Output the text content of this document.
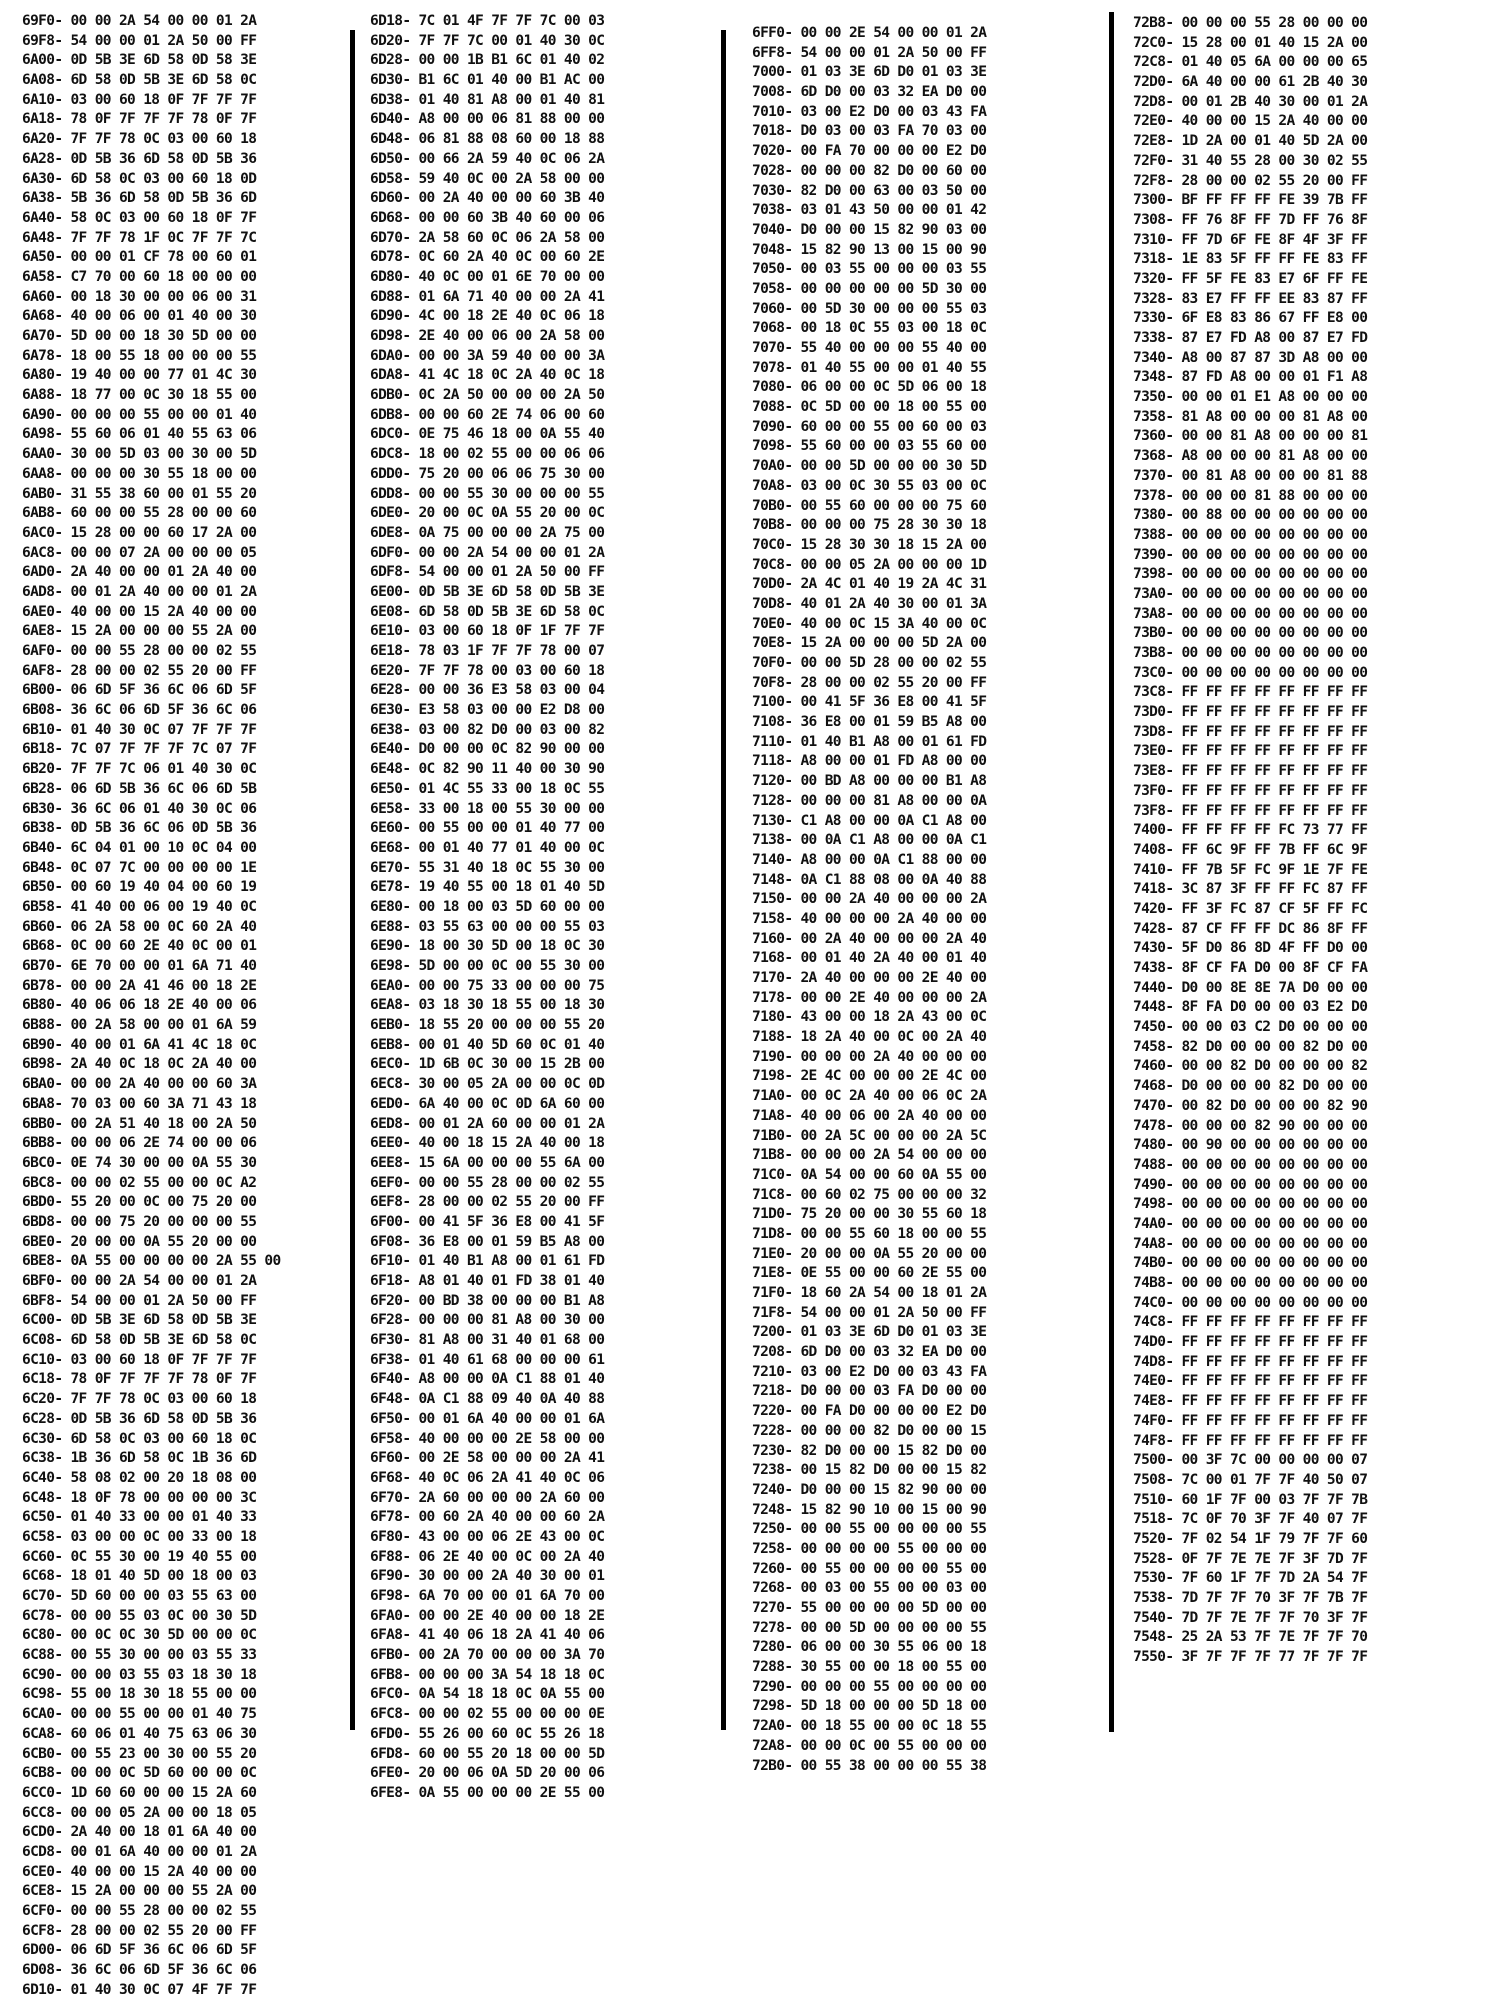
69F0- 00 00 2A 54 00 00 01 2A
69F8- 54 00 00 01 2A 50 00 FF
6A00- 0D 5B 3E 6D 58 0D 58 3E
6A08- 6D 58 0D 5B 3E 6D 58 0C
6A10- 03 00 60 18 0F 7F 7F 7F
6A18- 78 0F 7F 7F 7F 78 0F 7F
6A20- 7F 7F 78 0C 03 00 60 18
6A28- 0D 5B 36 6D 58 0D 5B 36
6A30- 6D 58 0C 03 00 60 18 0D
6A38- 5B 36 6D 58 0D 5B 36 6D
6A40- 58 0C 03 00 60 18 0F 7F
6A48- 7F 7F 78 1F 0C 7F 7F 7C
6A50- 00 00 01 CF 78 00 60 01
6A58- C7 70 00 60 18 00 00 00
6A60- 00 18 30 00 00 06 00 31
6A68- 40 00 06 00 01 40 00 30
6A70- 5D 00 00 18 30 5D 00 00
6A78- 18 00 55 18 00 00 00 55
6A80- 19 40 00 00 77 01 4C 30
6A88- 18 77 00 0C 30 18 55 00
6A90- 00 00 00 55 00 00 01 40
6A98- 55 60 06 01 40 55 63 06
6AA0- 30 00 5D 03 00 30 00 5D
6AA8- 00 00 00 30 55 18 00 00
6AB0- 31 55 38 60 00 01 55 20
6AB8- 60 00 00 55 28 00 00 60
6AC0- 15 28 00 00 60 17 2A 00
6AC8- 00 00 07 2A 00 00 00 05
6AD0- 2A 40 00 00 01 2A 40 00
6AD8- 00 01 2A 40 00 00 01 2A
6AE0- 40 00 00 15 2A 40 00 00
6AE8- 15 2A 00 00 00 55 2A 00
6AF0- 00 00 55 28 00 00 02 55
6AF8- 28 00 00 02 55 20 00 FF
6B00- 06 6D 5F 36 6C 06 6D 5F
6B08- 36 6C 06 6D 5F 36 6C 06
6B10- 01 40 30 0C 07 7F 7F 7F
6B18- 7C 07 7F 7F 7F 7C 07 7F
6B20- 7F 7F 7C 06 01 40 30 0C
6B28- 06 6D 5B 36 6C 06 6D 5B
6B30- 36 6C 06 01 40 30 0C 06
6B38- 0D 5B 36 6C 06 0D 5B 36
6B40- 6C 04 01 00 10 0C 04 00
6B48- 0C 07 7C 00 00 00 00 1E
6B50- 00 60 19 40 04 00 60 19
6B58- 41 40 00 06 00 19 40 0C
6B60- 06 2A 58 00 0C 60 2A 40
6B68- 0C 00 60 2E 40 0C 00 01
6B70- 6E 70 00 00 01 6A 71 40
6B78- 00 00 2A 41 46 00 18 2E
6B80- 40 06 06 18 2E 40 00 06
6B88- 00 2A 58 00 00 01 6A 59
6B90- 40 00 01 6A 41 4C 18 0C
6B98- 2A 40 0C 18 0C 2A 40 00
6BA0- 00 00 2A 40 00 00 60 3A
6BA8- 70 03 00 60 3A 71 43 18
6BB0- 00 2A 51 40 18 00 2A 50
6BB8- 00 00 06 2E 74 00 00 06
6BC0- 0E 74 30 00 00 0A 55 30
6BC8- 00 00 02 55 00 00 0C A2
6BD0- 55 20 00 0C 00 75 20 00
6BD8- 00 00 75 20 00 00 00 55
6BE0- 20 00 00 0A 55 20 00 00
6BE8- 0A 55 00 00 00 00 2A 55 00
6BF0- 00 00 2A 54 00 00 01 2A
6BF8- 54 00 00 01 2A 50 00 FF
6C00- 0D 5B 3E 6D 58 0D 5B 3E
6C08- 6D 58 0D 5B 3E 6D 58 0C
6C10- 03 00 60 18 0F 7F 7F 7F
6C18- 78 0F 7F 7F 7F 78 0F 7F
6C20- 7F 7F 78 0C 03 00 60 18
6C28- 0D 5B 36 6D 58 0D 5B 36
6C30- 6D 58 0C 03 00 60 18 0C
6C38- 1B 36 6D 58 0C 1B 36 6D
6C40- 58 08 02 00 20 18 08 00
6C48- 18 0F 78 00 00 00 00 3C
6C50- 01 40 33 00 00 01 40 33
6C58- 03 00 00 0C 00 33 00 18
6C60- 0C 55 30 00 19 40 55 00
6C68- 18 01 40 5D 00 18 00 03
6C70- 5D 60 00 00 03 55 63 00
6C78- 00 00 55 03 0C 00 30 5D
6C80- 00 0C 0C 30 5D 00 00 0C
6C88- 00 55 30 00 00 03 55 33
6C90- 00 00 03 55 03 18 30 18
6C98- 55 00 18 30 18 55 00 00
6CA0- 00 00 55 00 00 01 40 75
6CA8- 60 06 01 40 75 63 06 30
6CB0- 00 55 23 00 30 00 55 20
6CB8- 00 00 0C 5D 60 00 00 0C
6CC0- 1D 60 60 00 00 15 2A 60
6CC8- 00 00 05 2A 00 00 18 05
6CD0- 2A 40 00 18 01 6A 40 00
6CD8- 00 01 6A 40 00 00 01 2A
6CE0- 40 00 00 15 2A 40 00 00
6CE8- 15 2A 00 00 00 55 2A 00
6CF0- 00 00 55 28 00 00 02 55
6CF8- 28 00 00 02 55 20 00 FF
6D00- 06 6D 5F 36 6C 06 6D 5F
6D08- 36 6C 06 6D 5F 36 6C 06
6D10- 01 40 30 0C 07 4F 7F 7F
6D18- 7C 01 4F 7F 7F 7C 00 03
6D20- 7F 7F 7C 00 01 40 30 0C
6D28- 00 00 1B B1 6C 01 40 02
6D30- B1 6C 01 40 00 B1 AC 00
6D38- 01 40 81 A8 00 01 40 81
6D40- A8 00 00 06 81 88 00 00
6D48- 06 81 88 08 60 00 18 88
6D50- 00 66 2A 59 40 0C 06 2A
6D58- 59 40 0C 00 2A 58 00 00
6D60- 00 2A 40 00 00 60 3B 40
6D68- 00 00 60 3B 40 60 00 06
6D70- 2A 58 60 0C 06 2A 58 00
6D78- 0C 60 2A 40 0C 00 60 2E
6D80- 40 0C 00 01 6E 70 00 00
6D88- 01 6A 71 40 00 00 2A 41
6D90- 4C 00 18 2E 40 0C 06 18
6D98- 2E 40 00 06 00 2A 58 00
6DA0- 00 00 3A 59 40 00 00 3A
6DA8- 41 4C 18 0C 2A 40 0C 18
6DB0- 0C 2A 50 00 00 00 2A 50
6DB8- 00 00 60 2E 74 06 00 60
6DC0- 0E 75 46 18 00 0A 55 40
6DC8- 18 00 02 55 00 00 06 06
6DD0- 75 20 00 06 06 75 30 00
6DD8- 00 00 55 30 00 00 00 55
6DE0- 20 00 0C 0A 55 20 00 0C
6DE8- 0A 75 00 00 00 2A 75 00
6DF0- 00 00 2A 54 00 00 01 2A
6DF8- 54 00 00 01 2A 50 00 FF
6E00- 0D 5B 3E 6D 58 0D 5B 3E
6E08- 6D 58 0D 5B 3E 6D 58 0C
6E10- 03 00 60 18 0F 1F 7F 7F
6E18- 78 03 1F 7F 7F 78 00 07
6E20- 7F 7F 78 00 03 00 60 18
6E28- 00 00 36 E3 58 03 00 04
6E30- E3 58 03 00 00 E2 D8 00
6E38- 03 00 82 D0 00 03 00 82
6E40- D0 00 00 0C 82 90 00 00
6E48- 0C 82 90 11 40 00 30 90
6E50- 01 4C 55 33 00 18 0C 55
6E58- 33 00 18 00 55 30 00 00
6E60- 00 55 00 00 01 40 77 00
6E68- 00 01 40 77 01 40 00 0C
6E70- 55 31 40 18 0C 55 30 00
6E78- 19 40 55 00 18 01 40 5D
6E80- 00 18 00 03 5D 60 00 00
6E88- 03 55 63 00 00 00 55 03
6E90- 18 00 30 5D 00 18 0C 30
6E98- 5D 00 00 0C 00 55 30 00
6EA0- 00 00 75 33 00 00 00 75
6EA8- 03 18 30 18 55 00 18 30
6EB0- 18 55 20 00 00 00 55 20
6EB8- 00 01 40 5D 60 0C 01 40
6EC0- 1D 6B 0C 30 00 15 2B 00
6EC8- 30 00 05 2A 00 00 0C 0D
6ED0- 6A 40 00 0C 0D 6A 60 00
6ED8- 00 01 2A 60 00 00 01 2A
6EE0- 40 00 18 15 2A 40 00 18
6EE8- 15 6A 00 00 00 55 6A 00
6EF0- 00 00 55 28 00 00 02 55
6EF8- 28 00 00 02 55 20 00 FF
6F00- 00 41 5F 36 E8 00 41 5F
6F08- 36 E8 00 01 59 B5 A8 00
6F10- 01 40 B1 A8 00 01 61 FD
6F18- A8 01 40 01 FD 38 01 40
6F20- 00 BD 38 00 00 00 B1 A8
6F28- 00 00 00 81 A8 00 30 00
6F30- 81 A8 00 31 40 01 68 00
6F38- 01 40 61 68 00 00 00 61
6F40- A8 00 00 0A C1 88 01 40
6F48- 0A C1 88 09 40 0A 40 88
6F50- 00 01 6A 40 00 00 01 6A
6F58- 40 00 00 00 2E 58 00 00
6F60- 00 2E 58 00 00 00 2A 41
6F68- 40 0C 06 2A 41 40 0C 06
6F70- 2A 60 00 00 00 2A 60 00
6F78- 00 60 2A 40 00 00 60 2A
6F80- 43 00 00 06 2E 43 00 0C
6F88- 06 2E 40 00 0C 00 2A 40
6F90- 30 00 00 2A 40 30 00 01
6F98- 6A 70 00 00 01 6A 70 00
6FA0- 00 00 2E 40 00 00 18 2E
6FA8- 41 40 06 18 2A 41 40 06
6FB0- 00 2A 70 00 00 00 3A 70
6FB8- 00 00 00 3A 54 18 18 0C
6FC0- 0A 54 18 18 0C 0A 55 00
6FC8- 00 00 02 55 00 00 00 0E
6FD0- 55 26 00 60 0C 55 26 18
6FD8- 60 00 55 20 18 00 00 5D
6FE0- 20 00 06 0A 5D 20 00 06
6FE8- 0A 55 00 00 00 2E 55 00
6FF0- 00 00 2E 54 00 00 01 2A
6FF8- 54 00 00 01 2A 50 00 FF
7000- 01 03 3E 6D D0 01 03 3E
7008- 6D D0 00 03 32 EA D0 00
7010- 03 00 E2 D0 00 03 43 FA
7018- D0 03 00 03 FA 70 03 00
7020- 00 FA 70 00 00 00 E2 D0
7028- 00 00 00 82 D0 00 60 00
7030- 82 D0 00 63 00 03 50 00
7038- 03 01 43 50 00 00 01 42
7040- D0 00 00 15 82 90 03 00
7048- 15 82 90 13 00 15 00 90
7050- 00 03 55 00 00 00 03 55
7058- 00 00 00 00 00 5D 30 00
7060- 00 5D 30 00 00 00 55 03
7068- 00 18 0C 55 03 00 18 0C
7070- 55 40 00 00 00 55 40 00
7078- 01 40 55 00 00 01 40 55
7080- 06 00 00 0C 5D 06 00 18
7088- 0C 5D 00 00 18 00 55 00
7090- 60 00 00 55 00 60 00 03
7098- 55 60 00 00 03 55 60 00
70A0- 00 00 5D 00 00 00 30 5D
70A8- 03 00 0C 30 55 03 00 0C
70B0- 00 55 60 00 00 00 75 60
70B8- 00 00 00 75 28 30 30 18
70C0- 15 28 30 30 18 15 2A 00
70C8- 00 00 05 2A 00 00 00 1D
70D0- 2A 4C 01 40 19 2A 4C 31
70D8- 40 01 2A 40 30 00 01 3A
70E0- 40 00 0C 15 3A 40 00 0C
70E8- 15 2A 00 00 00 5D 2A 00
70F0- 00 00 5D 28 00 00 02 55
70F8- 28 00 00 02 55 20 00 FF
7100- 00 41 5F 36 E8 00 41 5F
7108- 36 E8 00 01 59 B5 A8 00
7110- 01 40 B1 A8 00 01 61 FD
7118- A8 00 00 01 FD A8 00 00
7120- 00 BD A8 00 00 00 B1 A8
7128- 00 00 00 81 A8 00 00 0A
7130- C1 A8 00 00 0A C1 A8 00
7138- 00 0A C1 A8 00 00 0A C1
7140- A8 00 00 0A C1 88 00 00
7148- 0A C1 88 08 00 0A 40 88
7150- 00 00 2A 40 00 00 00 2A
7158- 40 00 00 00 2A 40 00 00
7160- 00 2A 40 00 00 00 2A 40
7168- 00 01 40 2A 40 00 01 40
7170- 2A 40 00 00 00 2E 40 00
7178- 00 00 2E 40 00 00 00 2A
7180- 43 00 00 18 2A 43 00 0C
7188- 18 2A 40 00 0C 00 2A 40
7190- 00 00 00 2A 40 00 00 00
7198- 2E 4C 00 00 00 2E 4C 00
71A0- 00 0C 2A 40 00 06 0C 2A
71A8- 40 00 06 00 2A 40 00 00
71B0- 00 2A 5C 00 00 00 2A 5C
71B8- 00 00 00 2A 54 00 00 00
71C0- 0A 54 00 00 60 0A 55 00
71C8- 00 60 02 75 00 00 00 32
71D0- 75 20 00 00 30 55 60 18
71D8- 00 00 55 60 18 00 00 55
71E0- 20 00 00 0A 55 20 00 00
71E8- 0E 55 00 00 60 2E 55 00
71F0- 18 60 2A 54 00 18 01 2A
71F8- 54 00 00 01 2A 50 00 FF
7200- 01 03 3E 6D D0 01 03 3E
7208- 6D D0 00 03 32 EA D0 00
7210- 03 00 E2 D0 00 03 43 FA
7218- D0 00 00 03 FA D0 00 00
7220- 00 FA D0 00 00 00 E2 D0
7228- 00 00 00 82 D0 00 00 15
7230- 82 D0 00 00 15 82 D0 00
7238- 00 15 82 D0 00 00 15 82
7240- D0 00 00 15 82 90 00 00
7248- 15 82 90 10 00 15 00 90
7250- 00 00 55 00 00 00 00 55
7258- 00 00 00 00 55 00 00 00
7260- 00 55 00 00 00 00 55 00
7268- 00 03 00 55 00 00 03 00
7270- 55 00 00 00 00 5D 00 00
7278- 00 00 5D 00 00 00 00 55
7280- 06 00 00 30 55 06 00 18
7288- 30 55 00 00 18 00 55 00
7290- 00 00 00 55 00 00 00 00
7298- 5D 18 00 00 00 5D 18 00
72A0- 00 18 55 00 00 0C 18 55
72A8- 00 00 0C 00 55 00 00 00
72B0- 00 55 38 00 00 00 55 38
72B8- 00 00 00 55 28 00 00 00
72C0- 15 28 00 01 40 15 2A 00
72C8- 01 40 05 6A 00 00 00 65
72D0- 6A 40 00 00 61 2B 40 30
72D8- 00 01 2B 40 30 00 01 2A
72E0- 40 00 00 15 2A 40 00 00
72E8- 1D 2A 00 01 40 5D 2A 00
72F0- 31 40 55 28 00 30 02 55
72F8- 28 00 00 02 55 20 00 FF
7300- BF FF FF FF FE 39 7B FF
7308- FF 76 8F FF 7D FF 76 8F
7310- FF 7D 6F FE 8F 4F 3F FF
7318- 1E 83 5F FF FF FE 83 FF
7320- FF 5F FE 83 E7 6F FF FE
7328- 83 E7 FF FF EE 83 87 FF
7330- 6F E8 83 86 67 FF E8 00
7338- 87 E7 FD A8 00 87 E7 FD
7340- A8 00 87 87 3D A8 00 00
7348- 87 FD A8 00 00 01 F1 A8
7350- 00 00 01 E1 A8 00 00 00
7358- 81 A8 00 00 00 81 A8 00
7360- 00 00 81 A8 00 00 00 81
7368- A8 00 00 00 81 A8 00 00
7370- 00 81 A8 00 00 00 81 88
7378- 00 00 00 81 88 00 00 00
7380- 00 88 00 00 00 00 00 00
7388- 00 00 00 00 00 00 00 00
7390- 00 00 00 00 00 00 00 00
7398- 00 00 00 00 00 00 00 00
73A0- 00 00 00 00 00 00 00 00
73A8- 00 00 00 00 00 00 00 00
73B0- 00 00 00 00 00 00 00 00
73B8- 00 00 00 00 00 00 00 00
73C0- 00 00 00 00 00 00 00 00
73C8- FF FF FF FF FF FF FF FF
73D0- FF FF FF FF FF FF FF FF
73D8- FF FF FF FF FF FF FF FF
73E0- FF FF FF FF FF FF FF FF
73E8- FF FF FF FF FF FF FF FF
73F0- FF FF FF FF FF FF FF FF
73F8- FF FF FF FF FF FF FF FF
7400- FF FF FF FF FC 73 77 FF
7408- FF 6C 9F FF 7B FF 6C 9F
7410- FF 7B 5F FC 9F 1E 7F FE
7418- 3C 87 3F FF FF FC 87 FF
7420- FF 3F FC 87 CF 5F FF FC
7428- 87 CF FF FF DC 86 8F FF
7430- 5F D0 86 8D 4F FF D0 00
7438- 8F CF FA D0 00 8F CF FA
7440- D0 00 8E 8E 7A D0 00 00
7448- 8F FA D0 00 00 03 E2 D0
7450- 00 00 03 C2 D0 00 00 00
7458- 82 D0 00 00 00 82 D0 00
7460- 00 00 82 D0 00 00 00 82
7468- D0 00 00 00 82 D0 00 00
7470- 00 82 D0 00 00 00 82 90
7478- 00 00 00 82 90 00 00 00
7480- 00 90 00 00 00 00 00 00
7488- 00 00 00 00 00 00 00 00
7490- 00 00 00 00 00 00 00 00
7498- 00 00 00 00 00 00 00 00
74A0- 00 00 00 00 00 00 00 00
74A8- 00 00 00 00 00 00 00 00
74B0- 00 00 00 00 00 00 00 00
74B8- 00 00 00 00 00 00 00 00
74C0- 00 00 00 00 00 00 00 00
74C8- FF FF FF FF FF FF FF FF
74D0- FF FF FF FF FF FF FF FF
74D8- FF FF FF FF FF FF FF FF
74E0- FF FF FF FF FF FF FF FF
74E8- FF FF FF FF FF FF FF FF
74F0- FF FF FF FF FF FF FF FF
74F8- FF FF FF FF FF FF FF FF
7500- 00 3F 7C 00 00 00 00 07
7508- 7C 00 01 7F 7F 40 50 07
7510- 60 1F 7F 00 03 7F 7F 7B
7518- 7C 0F 70 3F 7F 40 07 7F
7520- 7F 02 54 1F 79 7F 7F 60
7528- 0F 7F 7E 7E 7F 3F 7D 7F
7530- 7F 60 1F 7F 7D 2A 54 7F
7538- 7D 7F 7F 70 3F 7F 7B 7F
7540- 7D 7F 7E 7F 7F 70 3F 7F
7548- 25 2A 53 7F 7E 7F 7F 70
7550- 3F 7F 7F 7F 77 7F 7F 7F
